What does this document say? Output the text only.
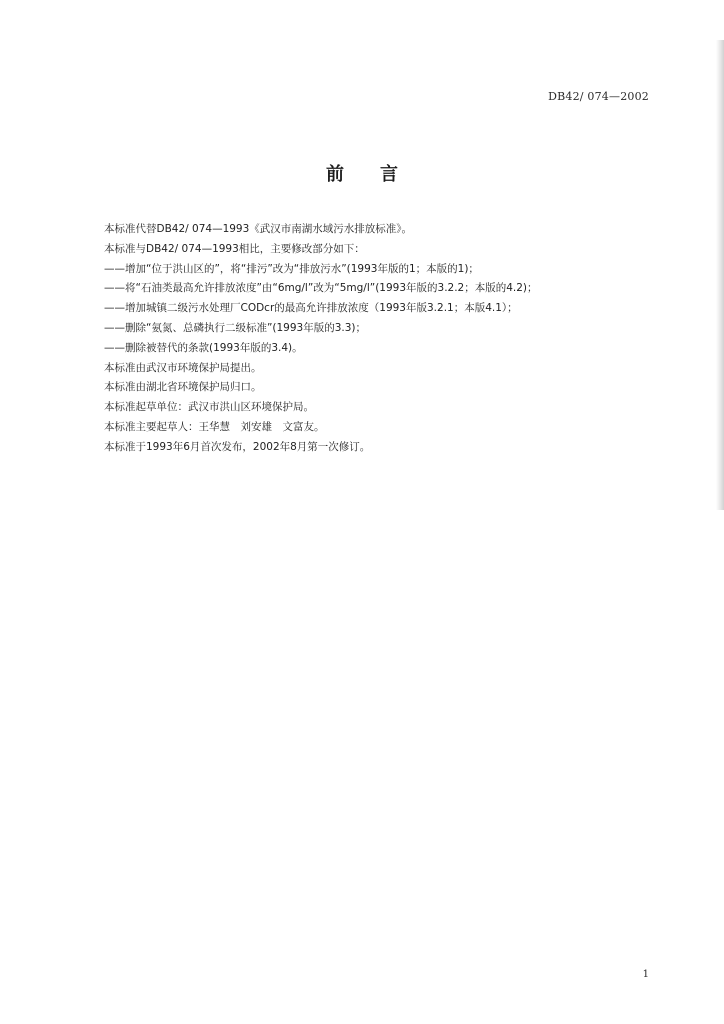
DB42/ 074—2002
前言
本标准代替DB42/ 074—1993《武汉市南湖水域污水排放标准》。
本标准与DB42/ 074—1993相比，主要修改部分如下：
——增加“位于洪山区的”，将“排污”改为“排放污水”(1993年版的1；本版的1)；
——将“石油类最高允许排放浓度”由“6mg/l”改为“5mg/l”(1993年版的3.2.2；本版的4.2)；
——增加城镇二级污水处理厂CODcr的最高允许排放浓度（1993年版3.2.1；本版4.1）；
——删除“氨氮、总磷执行二级标准”(1993年版的3.3)；
——删除被替代的条款(1993年版的3.4)。
本标准由武汉市环境保护局提出。
本标准由湖北省环境保护局归口。
本标准起草单位：武汉市洪山区环境保护局。
本标准主要起草人：王华慧　刘安雄　文富友。
本标准于1993年6月首次发布，2002年8月第一次修订。
1
